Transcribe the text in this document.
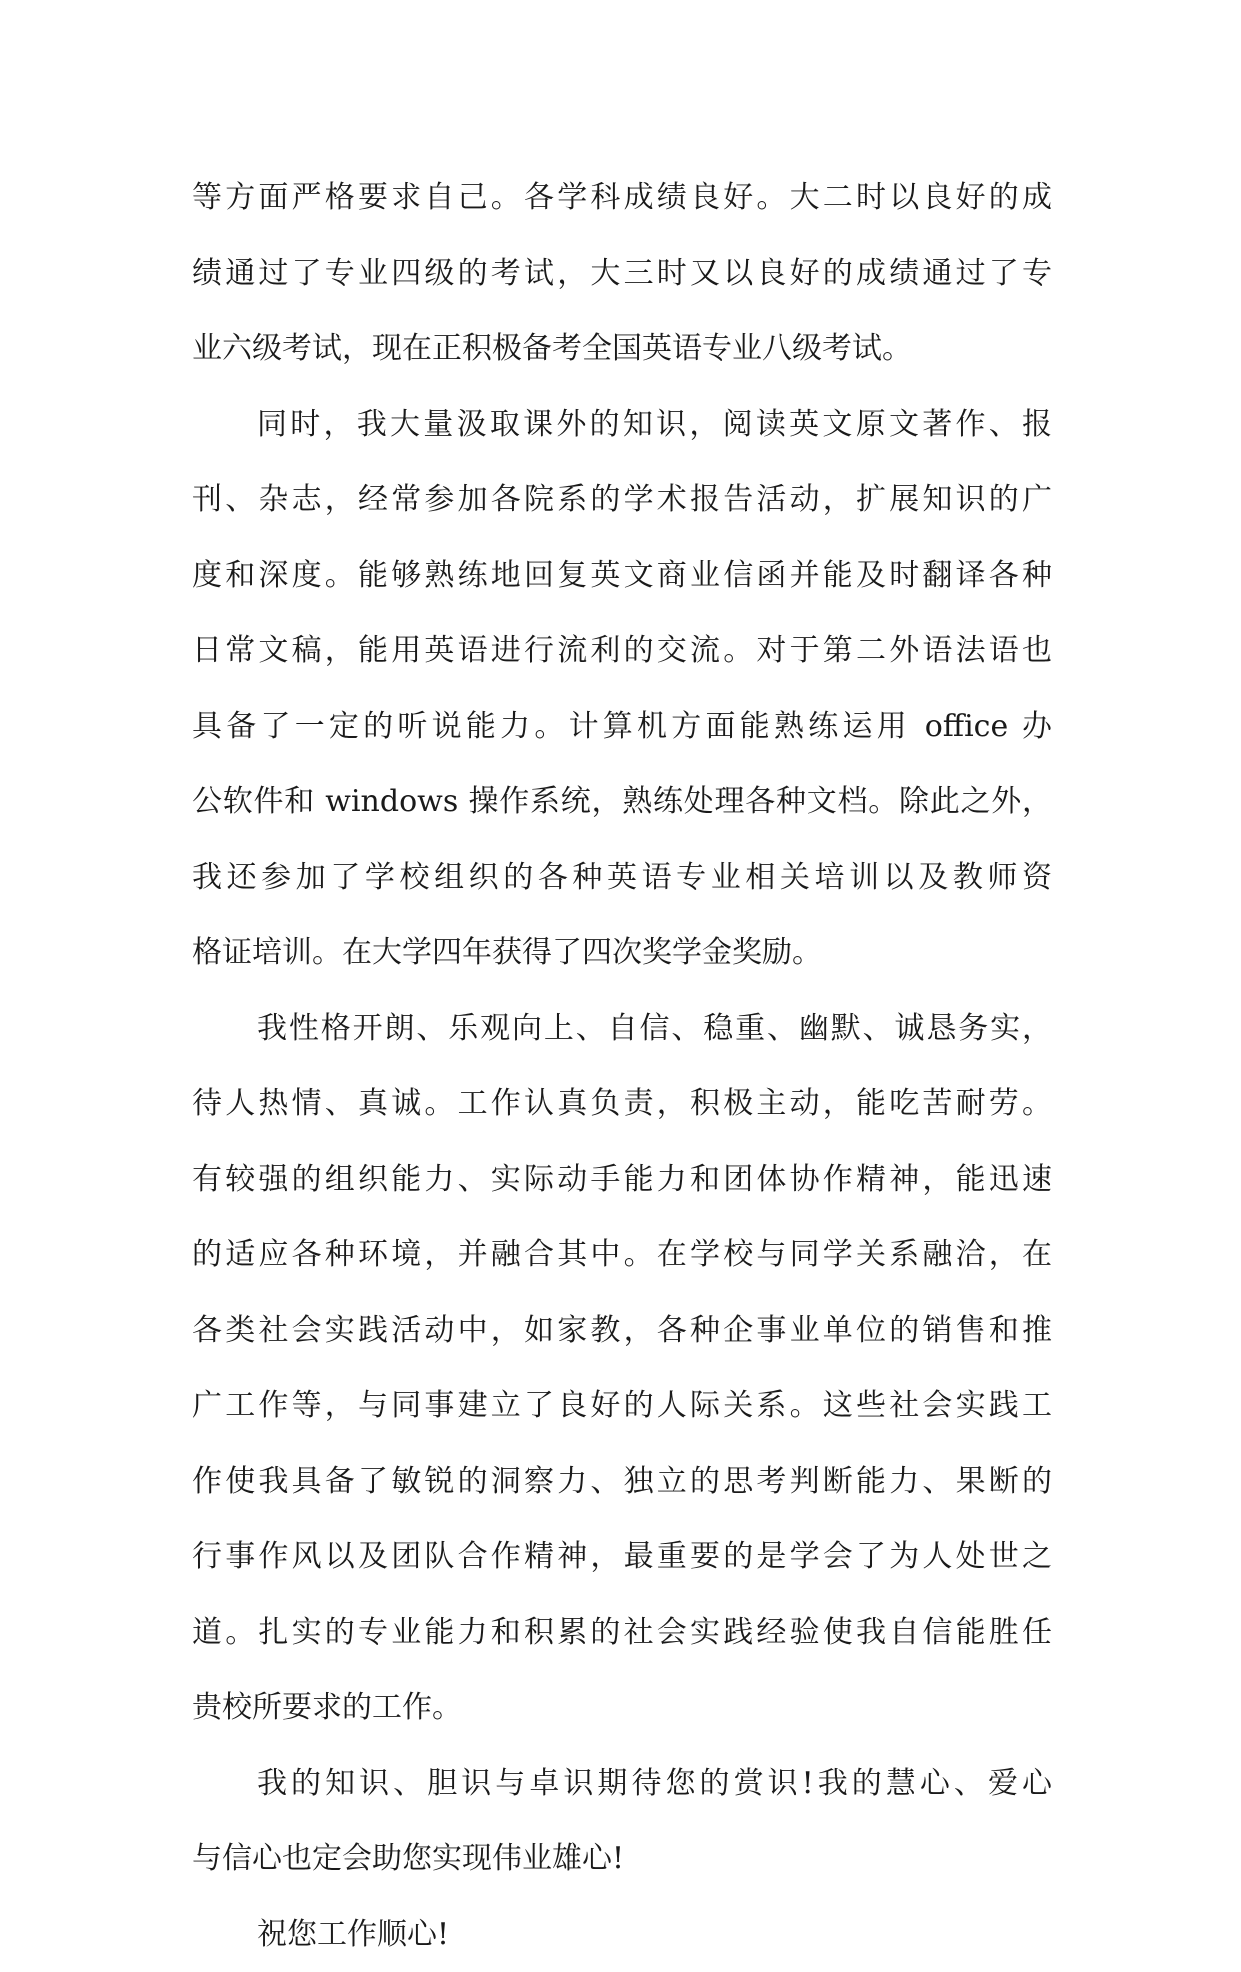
等方面严格要求自己。各学科成绩良好。大二时以良好的成
绩通过了专业四级的考试，大三时又以良好的成绩通过了专
业六级考试，现在正积极备考全国英语专业八级考试。
同时，我大量汲取课外的知识，阅读英文原文著作、报
刊、杂志，经常参加各院系的学术报告活动，扩展知识的广
度和深度。能够熟练地回复英文商业信函并能及时翻译各种
日常文稿，能用英语进行流利的交流。对于第二外语法语也
具备了一定的听说能力。计算机方面能熟练运用 office 办
公软件和 windows 操作系统，熟练处理各种文档。除此之外，
我还参加了学校组织的各种英语专业相关培训以及教师资
格证培训。在大学四年获得了四次奖学金奖励。
我性格开朗、乐观向上、自信、稳重、幽默、诚恳务实，
待人热情、真诚。工作认真负责，积极主动，能吃苦耐劳。
有较强的组织能力、实际动手能力和团体协作精神，能迅速
的适应各种环境，并融合其中。在学校与同学关系融洽，在
各类社会实践活动中，如家教，各种企事业单位的销售和推
广工作等，与同事建立了良好的人际关系。这些社会实践工
作使我具备了敏锐的洞察力、独立的思考判断能力、果断的
行事作风以及团队合作精神，最重要的是学会了为人处世之
道。扎实的专业能力和积累的社会实践经验使我自信能胜任
贵校所要求的工作。
我的知识、胆识与卓识期待您的赏识!我的慧心、爱心
与信心也定会助您实现伟业雄心!
祝您工作顺心!
